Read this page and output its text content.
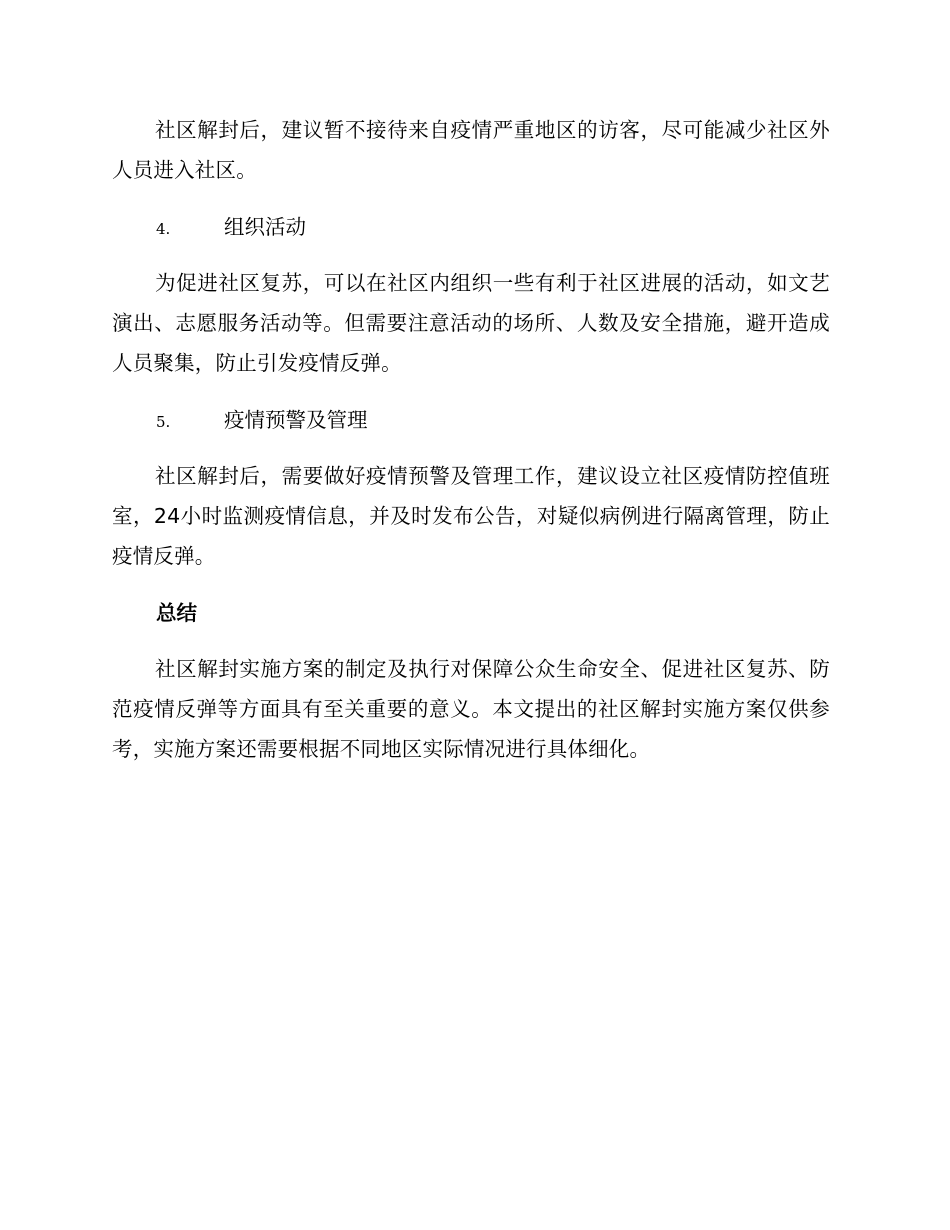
社区解封后，建议暂不接待来自疫情严重地区的访客，尽可能减少社区外人员进入社区。

4.	组织活动

为促进社区复苏，可以在社区内组织一些有利于社区进展的活动，如文艺演出、志愿服务活动等。但需要注意活动的场所、人数及安全措施，避开造成人员聚集，防止引发疫情反弹。

5.	疫情预警及管理

社区解封后，需要做好疫情预警及管理工作，建议设立社区疫情防控值班室，24小时监测疫情信息，并及时发布公告，对疑似病例进行隔离管理，防止疫情反弹。

总结

社区解封实施方案的制定及执行对保障公众生命安全、促进社区复苏、防范疫情反弹等方面具有至关重要的意义。本文提出的社区解封实施方案仅供参考，实施方案还需要根据不同地区实际情况进行具体细化。
